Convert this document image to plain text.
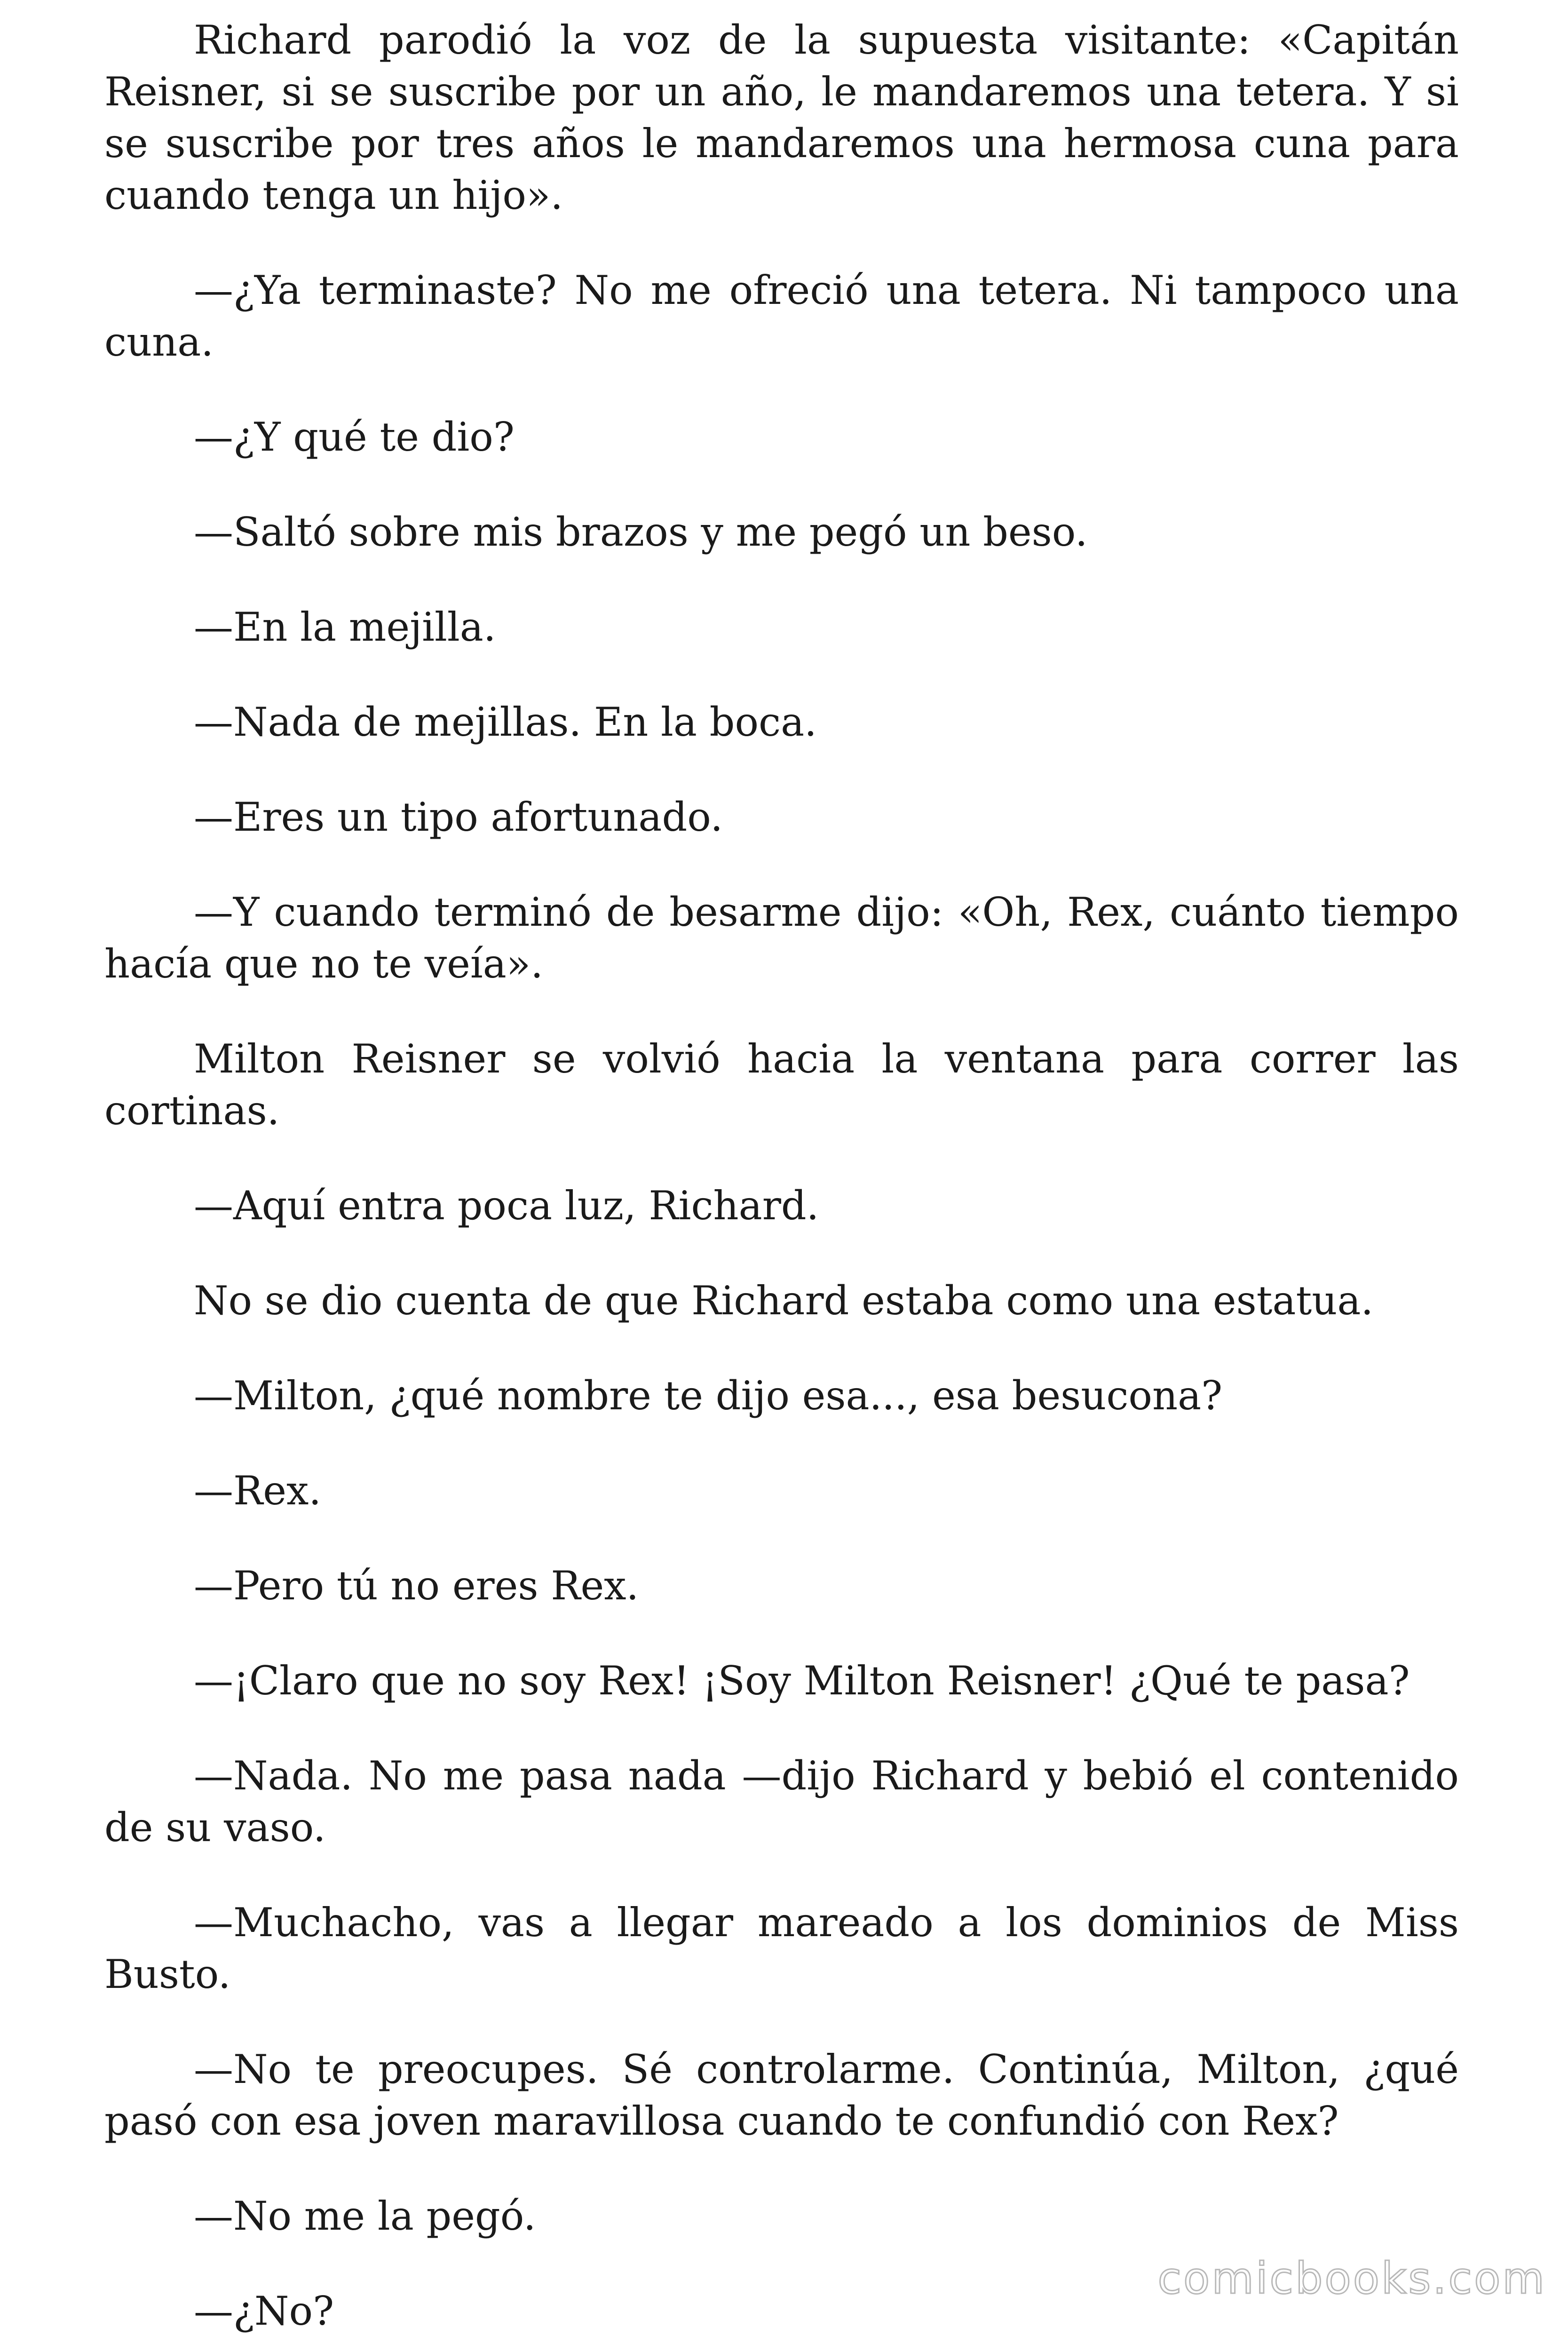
Richard parodió la voz de la supuesta visitante: «Capitán Reisner, si se suscribe por un año, le mandaremos una tetera. Y si se suscribe por tres años le mandaremos una hermosa cuna para cuando tenga un hijo».

—¿Ya terminaste? No me ofreció una tetera. Ni tampoco una cuna.

—¿Y qué te dio?

—Saltó sobre mis brazos y me pegó un beso.

—En la mejilla.

—Nada de mejillas. En la boca.

—Eres un tipo afortunado.

—Y cuando terminó de besarme dijo: «Oh, Rex, cuánto tiempo hacía que no te veía».

Milton Reisner se volvió hacia la ventana para correr las cortinas.

—Aquí entra poca luz, Richard.

No se dio cuenta de que Richard estaba como una estatua.

—Milton, ¿qué nombre te dijo esa..., esa besucona?

—Rex.

—Pero tú no eres Rex.

—¡Claro que no soy Rex! ¡Soy Milton Reisner! ¿Qué te pasa?

—Nada. No me pasa nada —dijo Richard y bebió el contenido de su vaso.

—Muchacho, vas a llegar mareado a los dominios de Miss Busto.

—No te preocupes. Sé controlarme. Continúa, Milton, ¿qué pasó con esa joven maravillosa cuando te confundió con Rex?

—No me la pegó.

—¿No?

comicbooks.com
